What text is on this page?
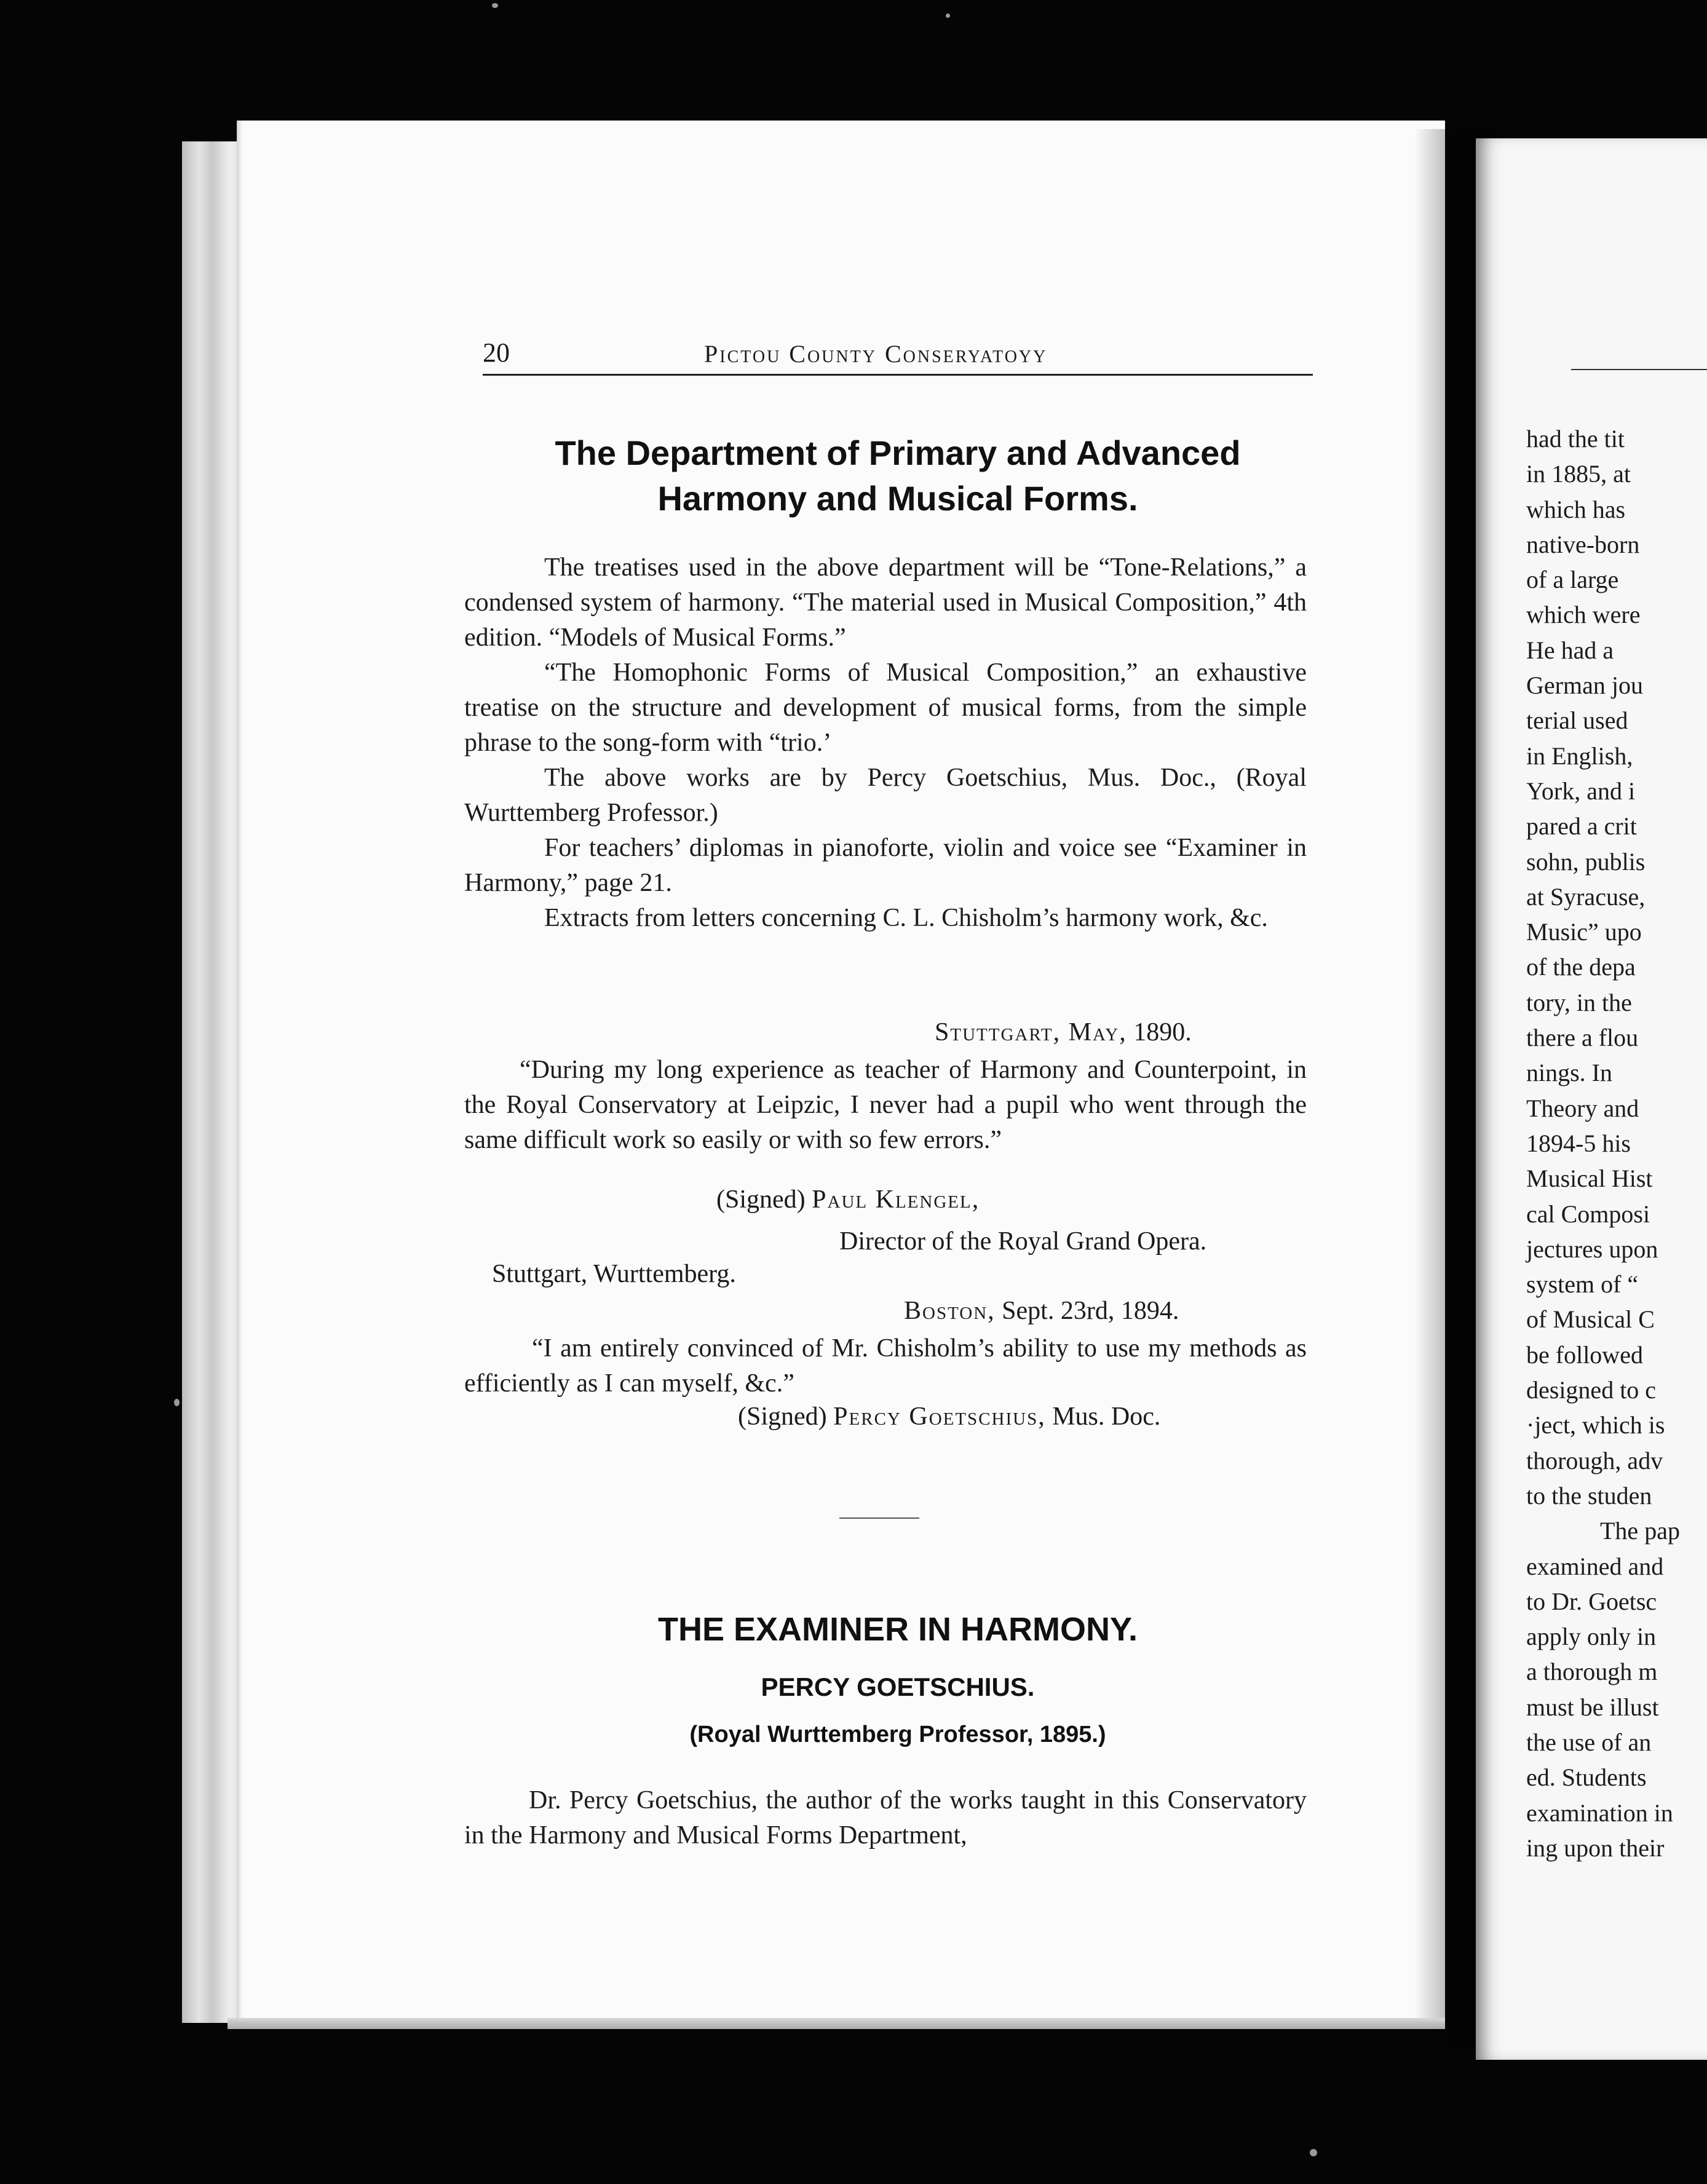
20	Pictou County Conseryatoyy
The Department of Primary and Advanced
Harmony and Musical Forms.

The treatises used in the above department will be “Tone-Relations,” a condensed system of harmony. “The material used in Musical Composition,” 4th edition. “Models of Musical Forms.”

“The Homophonic Forms of Musical Composition,” an exhaustive treatise on the structure and development of musical forms, from the simple phrase to the song-form with “trio.’

The above works are by Percy Goetschius, Mus. Doc., (Royal Wurttemberg Professor.)

For teachers’ diplomas in pianoforte, violin and voice see “Examiner in Harmony,” page 21.

Extracts from letters concerning C. L. Chisholm’s harmony work, &c.

Stuttgart, May, 1890.

“During my long experience as teacher of Harmony and Counterpoint, in the Royal Conservatory at Leipzic, I never had a pupil who went through the same difficult work so easily or with so few errors.”

(Signed) Paul Klengel,
Director of the Royal Grand Opera.
Stuttgart, Wurttemberg.
Boston, Sept. 23rd, 1894.

“I am entirely convinced of Mr. Chisholm’s ability to use my methods as efficiently as I can myself, &c.”

(Signed) Percy Goetschius, Mus. Doc.
THE EXAMINER IN HARMONY.
PERCY GOETSCHIUS.
(Royal Wurttemberg Professor, 1895.)

Dr. Percy Goetschius, the author of the works taught in this Conservatory in the Harmony and Musical Forms Department,

had the tit
in 1885, at
which has
native-born
of a large
which were
He had a
German jou
terial used
in English,
York, and i
pared a crit
sohn, publis
at Syracuse,
Music” upo
of the depa
tory, in the
there a flou
nings. In
Theory and
1894-5 his
Musical Hist
cal Composi
jectures upon
system of “
of Musical C
be followed
designed to c
·ject, which is
thorough, adv
to the studen
The pap
examined and
to Dr. Goetsc
apply only in
a thorough m
must be illust
the use of an
ed. Students
examination in
ing upon their
